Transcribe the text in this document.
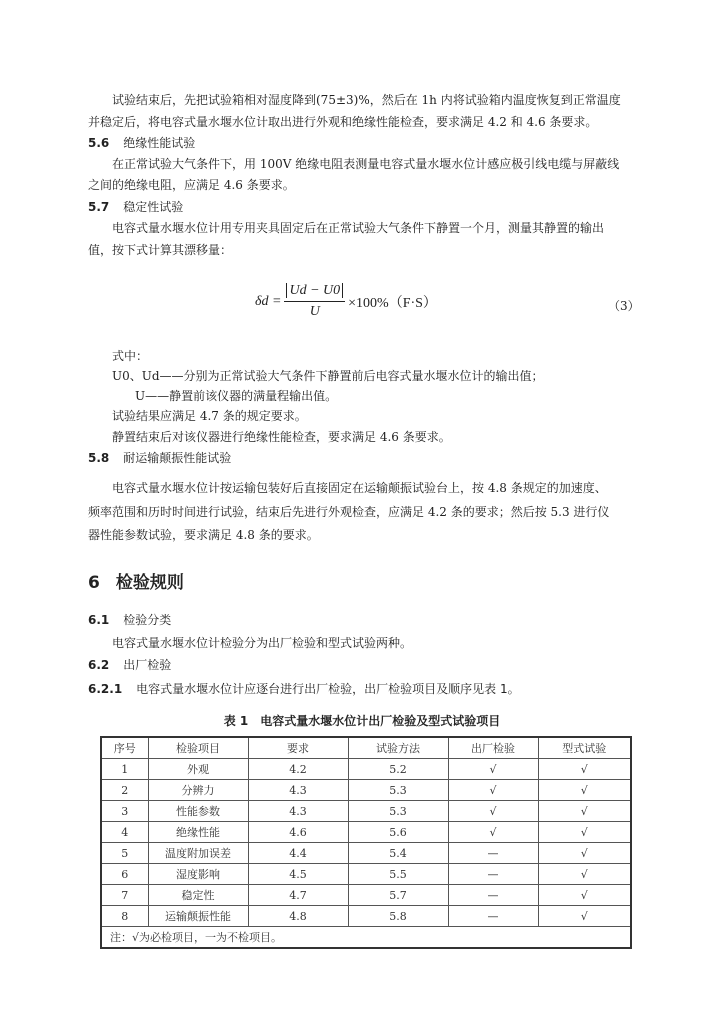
试验结束后，先把试验箱相对湿度降到(75±3)%，然后在 1h 内将试验箱内温度恢复到正常温度
并稳定后，将电容式量水堰水位计取出进行外观和绝缘性能检查，要求满足 4.2 和 4.6 条要求。
5.6 绝缘性能试验
在正常试验大气条件下，用 100V 绝缘电阻表测量电容式量水堰水位计感应极引线电缆与屏蔽线
之间的绝缘电阻，应满足 4.6 条要求。
5.7 稳定性试验
电容式量水堰水位计用专用夹具固定后在正常试验大气条件下静置一个月，测量其静置的输出
值，按下式计算其漂移量：
$\delta d = \frac{Ud - U0}{U} \times 100\%(F\cdot S)$	（3）
式中：
U0、Ud——分别为正常试验大气条件下静置前后电容式量水堰水位计的输出值；
U——静置前该仪器的满量程输出值。
试验结果应满足 4.7 条的规定要求。
静置结束后对该仪器进行绝缘性能检查，要求满足 4.6 条要求。
5.8 耐运输颠振性能试验
电容式量水堰水位计按运输包装好后直接固定在运输颠振试验台上，按 4.8 条规定的加速度、
频率范围和历时时间进行试验，结束后先进行外观检查，应满足 4.2 条的要求；然后按 5.3 进行仪
器性能参数试验，要求满足 4.8 条的要求。
6 检验规则
6.1 检验分类
电容式量水堰水位计检验分为出厂检验和型式试验两种。
6.2 出厂检验
6.2.1 电容式量水堰水位计应逐台进行出厂检验，出厂检验项目及顺序见表 1。
表 1　电容式量水堰水位计出厂检验及型式试验项目
序号	检验项目	要求	试验方法	出厂检验	型式试验
1	外观	4.2	5.2	√	√
2	分辨力	4.3	5.3	√	√
3	性能参数	4.3	5.3	√	√
4	绝缘性能	4.6	5.6	√	√
5	温度附加误差	4.4	5.4	—	√
6	湿度影响	4.5	5.5	—	√
7	稳定性	4.7	5.7	—	√
8	运输颠振性能	4.8	5.8	—	√
注：√为必检项目，一为不检项目。					
